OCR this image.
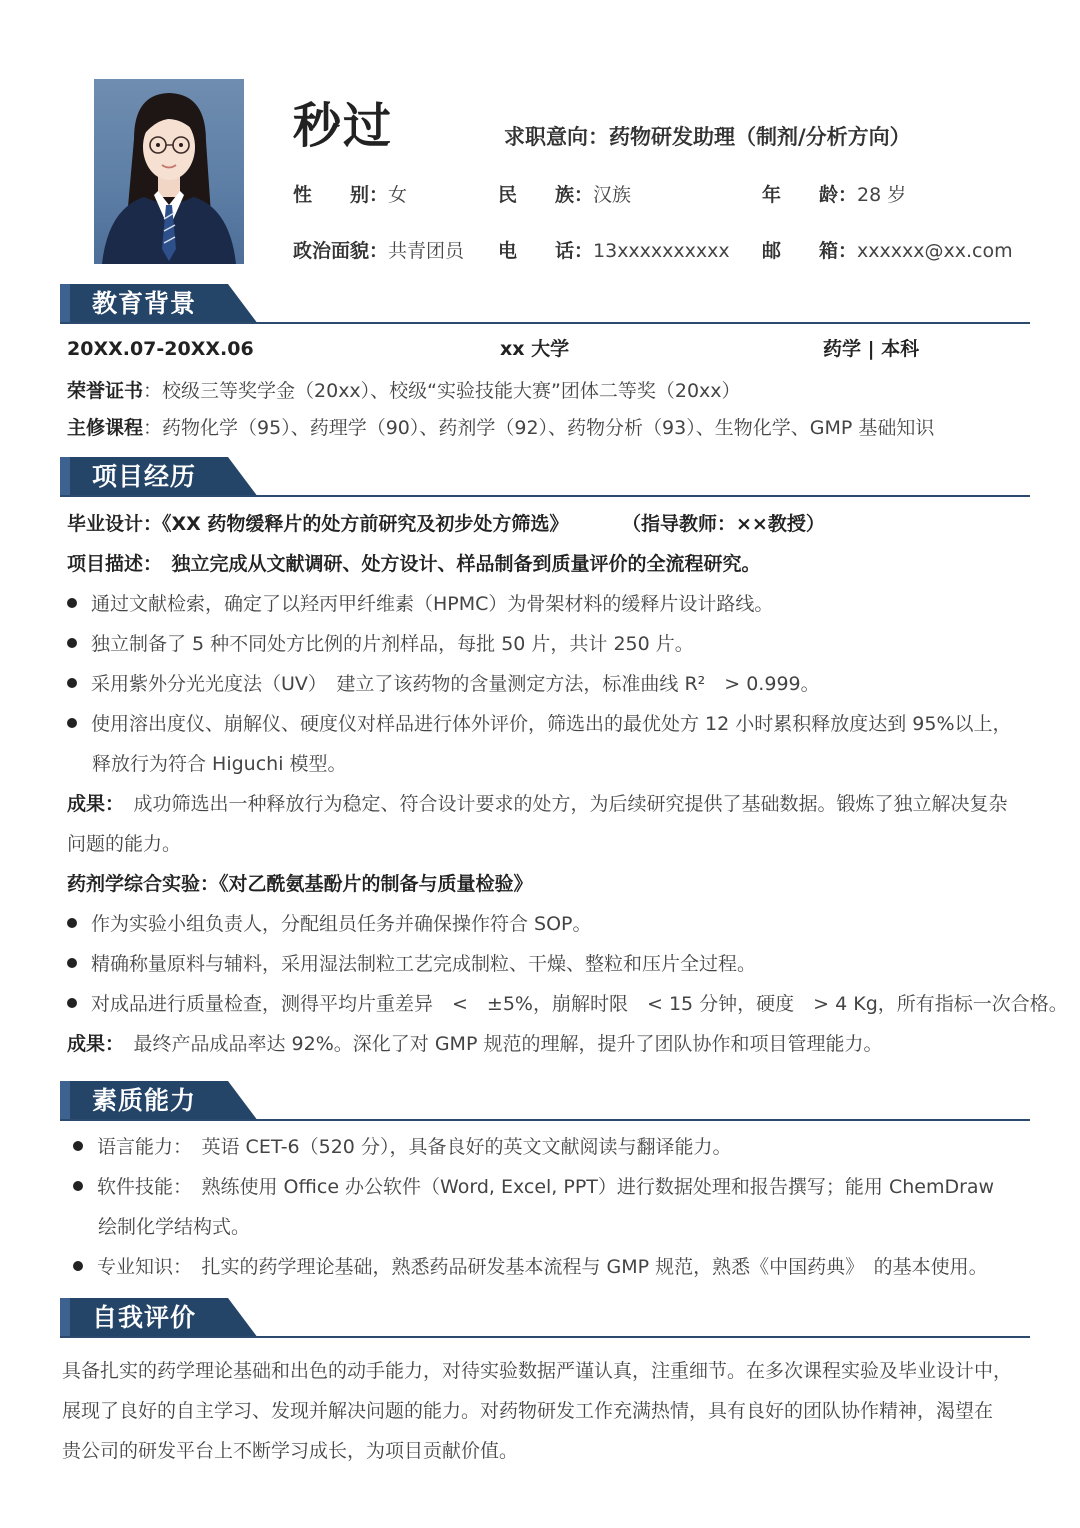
秒过	求职意向：药物研发助理（制剂/分析方向）
性　　别：女	民　　族：汉族	年　　龄：28 岁
政治面貌：共青团员 电　　话：13xxxxxxxxxx 邮　　箱：xxxxxx@xx.com
教育背景
20XX.07-20XX.06	xx 大学	药学 | 本科
荣誉证书：校级三等奖学金（20xx）、校级“实验技能大赛”团体二等奖（20xx）
主修课程：药物化学（95）、药理学（90）、药剂学（92）、药物分析（93）、生物化学、GMP 基础知识
项目经历
毕业设计：《XX 药物缓释片的处方前研究及初步处方筛选》	（指导教师：××教授）
项目描述：　独立完成从文献调研、处方设计、样品制备到质量评价的全流程研究。
通过文献检索，确定了以羟丙甲纤维素（HPMC）为骨架材料的缓释片设计路线。
独立制备了 5 种不同处方比例的片剂样品，每批 50 片，共计 250 片。
采用紫外分光光度法（UV）　建立了该药物的含量测定方法，标准曲线 R²　> 0.999。
使用溶出度仪、崩解仪、硬度仪对样品进行体外评价，筛选出的最优处方 12 小时累积释放度达到 95%以上，
释放行为符合 Higuchi 模型。
成果：　成功筛选出一种释放行为稳定、符合设计要求的处方，为后续研究提供了基础数据。锻炼了独立解决复杂
问题的能力。
药剂学综合实验：《对乙酰氨基酚片的制备与质量检验》
作为实验小组负责人，分配组员任务并确保操作符合 SOP。
精确称量原料与辅料，采用湿法制粒工艺完成制粒、干燥、整粒和压片全过程。
对成品进行质量检查，测得平均片重差异　<　±5%，崩解时限　< 15 分钟，硬度　> 4 Kg，所有指标一次合格。
成果：　最终产品成品率达 92%。深化了对 GMP 规范的理解，提升了团队协作和项目管理能力。
素质能力
语言能力：　英语 CET-6（520 分），具备良好的英文文献阅读与翻译能力。
软件技能：　熟练使用 Office 办公软件（Word, Excel, PPT）进行数据处理和报告撰写；能用 ChemDraw
绘制化学结构式。
专业知识：　扎实的药学理论基础，熟悉药品研发基本流程与 GMP 规范，熟悉《中国药典》　的基本使用。
自我评价
具备扎实的药学理论基础和出色的动手能力，对待实验数据严谨认真，注重细节。在多次课程实验及毕业设计中，
展现了良好的自主学习、发现并解决问题的能力。对药物研发工作充满热情，具有良好的团队协作精神，渴望在
贵公司的研发平台上不断学习成长，为项目贡献价值。
